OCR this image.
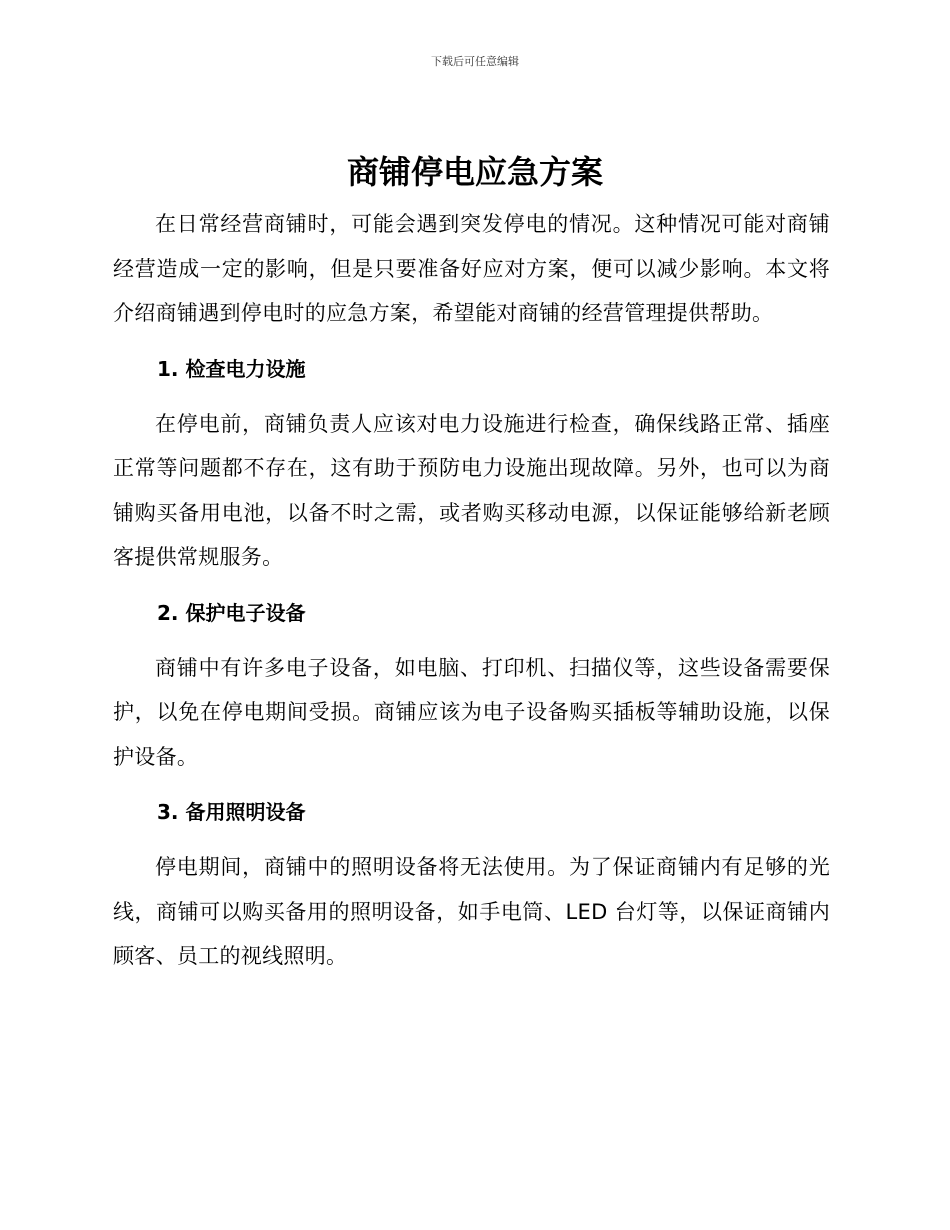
下载后可任意编辑
商铺停电应急方案

在日常经营商铺时，可能会遇到突发停电的情况。这种情况可能对商铺经营造成一定的影响，但是只要准备好应对方案，便可以减少影响。本文将介绍商铺遇到停电时的应急方案，希望能对商铺的经营管理提供帮助。

1. 检查电力设施

在停电前，商铺负责人应该对电力设施进行检查，确保线路正常、插座正常等问题都不存在，这有助于预防电力设施出现故障。另外，也可以为商铺购买备用电池，以备不时之需，或者购买移动电源，以保证能够给新老顾客提供常规服务。

2. 保护电子设备

商铺中有许多电子设备，如电脑、打印机、扫描仪等，这些设备需要保护，以免在停电期间受损。商铺应该为电子设备购买插板等辅助设施，以保护设备。

3. 备用照明设备

停电期间，商铺中的照明设备将无法使用。为了保证商铺内有足够的光线，商铺可以购买备用的照明设备，如手电筒、LED 台灯等，以保证商铺内顾客、员工的视线照明。
